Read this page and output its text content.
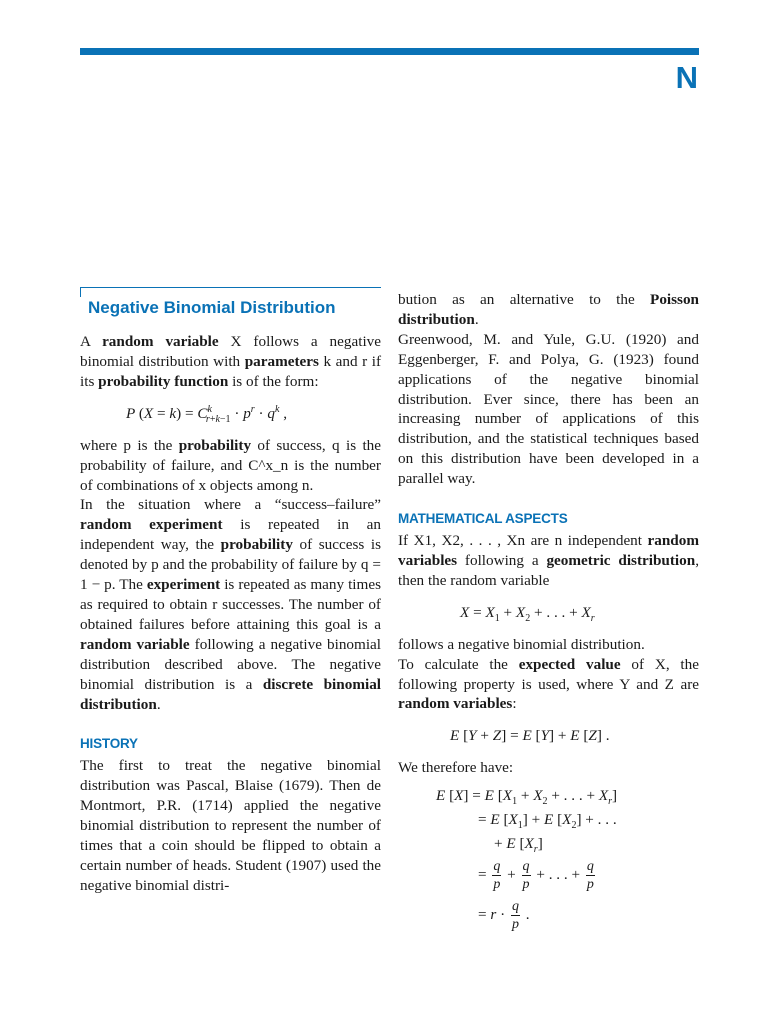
N
Negative Binomial Distribution

A random variable X follows a negative binomial distribution with parameters k and r if its probability function is of the form:

P $(X = k) = C^k_{r+k-1} \cdot p^r \cdot q^k$ ,

where p is the probability of success, q is the probability of failure, and C^x_n is the number of combinations of x objects among n.

In the situation where a “success–failure” random experiment is repeated in an independent way, the probability of success is denoted by p and the probability of failure by q = 1 − p. The experiment is repeated as many times as required to obtain r successes. The number of obtained failures before attaining this goal is a random variable following a negative binomial distribution described above. The negative binomial distribution is a discrete binomial distribution.

HISTORY

The first to treat the negative binomial distribution was Pascal, Blaise (1679). Then de Montmort, P.R. (1714) applied the negative binomial distribution to represent the number of times that a coin should be flipped to obtain a certain number of heads. Student (1907) used the negative binomial distri-

bution as an alternative to the Poisson distribution.

Greenwood, M. and Yule, G.U. (1920) and Eggenberger, F. and Polya, G. (1923) found applications of the negative binomial distribution. Ever since, there has been an increasing number of applications of this distribution, and the statistical techniques based on this distribution have been developed in a parallel way.

MATHEMATICAL ASPECTS

If X1, X2, . . . , Xn are n independent random variables following a geometric distribution, then the random variable

$X = X_1 + X_2$ + . . . + $X_r$

follows a negative binomial distribution.

To calculate the expected value of X, the following property is used, where Y and Z are random variables:

E [Y + Z] = E [Y] + E [Z] .

We therefore have:

E [X] = E [$X_1 + X_2$ + . . . + $X_r$]
= E $[X_1] + E$ $[X_2]$ + . . .
+ E $[X_r]$
= $\frac{q}{p} + \frac{q}{p}$ + . . . + $\frac{q}{p}$
= $r \cdot \frac{q}{p}$ .
